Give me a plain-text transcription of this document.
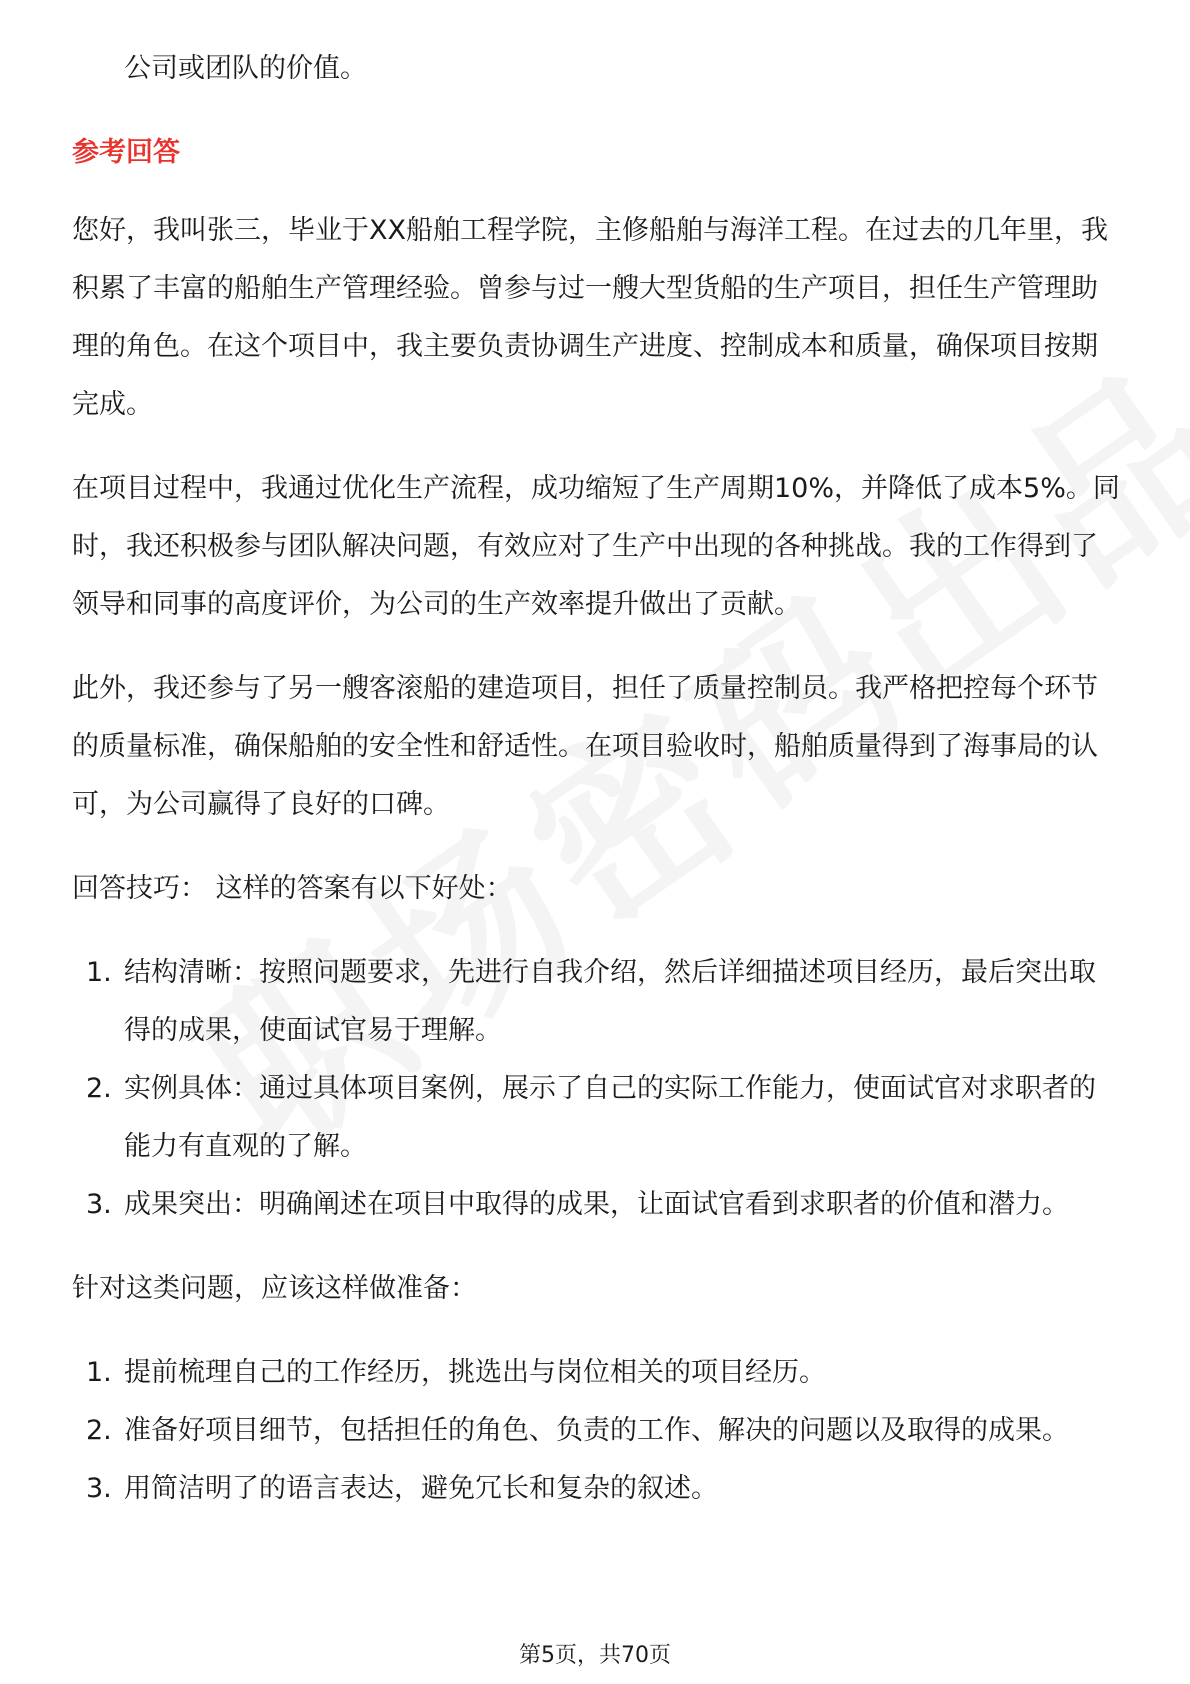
公司或团队的价值。

参考回答

您好，我叫张三，毕业于XX船舶工程学院，主修船舶与海洋工程。在过去的几年里，我积累了丰富的船舶生产管理经验。曾参与过一艘大型货船的生产项目，担任生产管理助理的角色。在这个项目中，我主要负责协调生产进度、控制成本和质量，确保项目按期完成。

在项目过程中，我通过优化生产流程，成功缩短了生产周期10%，并降低了成本5%。同时，我还积极参与团队解决问题，有效应对了生产中出现的各种挑战。我的工作得到了领导和同事的高度评价，为公司的生产效率提升做出了贡献。

此外，我还参与了另一艘客滚船的建造项目，担任了质量控制员。我严格把控每个环节的质量标准，确保船舶的安全性和舒适性。在项目验收时，船舶质量得到了海事局的认可，为公司赢得了良好的口碑。

回答技巧： 这样的答案有以下好处：

1. 结构清晰：按照问题要求，先进行自我介绍，然后详细描述项目经历，最后突出取得的成果，使面试官易于理解。
2. 实例具体：通过具体项目案例，展示了自己的实际工作能力，使面试官对求职者的能力有直观的了解。
3. 成果突出：明确阐述在项目中取得的成果，让面试官看到求职者的价值和潜力。

针对这类问题，应该这样做准备：

1. 提前梳理自己的工作经历，挑选出与岗位相关的项目经历。
2. 准备好项目细节，包括担任的角色、负责的工作、解决的问题以及取得的成果。
3. 用简洁明了的语言表达，避免冗长和复杂的叙述。
第5页，共70页
